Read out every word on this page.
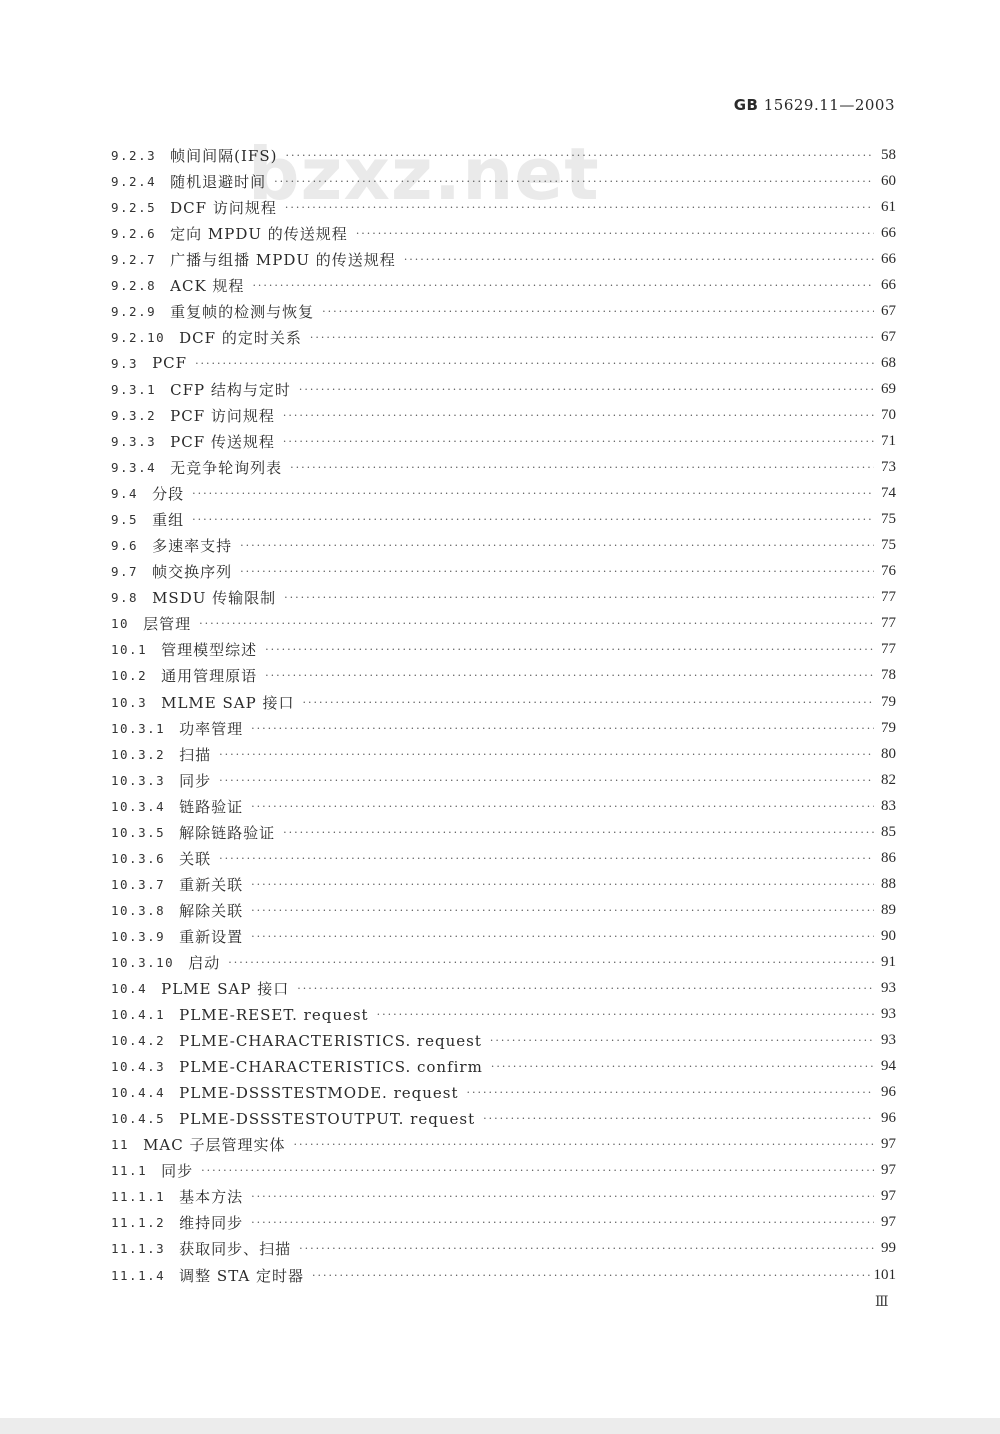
GB 15629.11—2003
bzxz.net
9.2.3 帧间间隔(IFS) ·····	58
9.2.4 随机退避时间 ·····	60
9.2.5 DCF 访问规程 ·····	61
9.2.6 定向 MPDU 的传送规程 ·····	66
9.2.7 广播与组播 MPDU 的传送规程 ·····	66
9.2.8 ACK 规程 ·····	66
9.2.9 重复帧的检测与恢复 ·····	67
9.2.10 DCF 的定时关系 ·····	67
9.3 PCF ·····	68
9.3.1 CFP 结构与定时 ·····	69
9.3.2 PCF 访问规程 ·····	70
9.3.3 PCF 传送规程 ·····	71
9.3.4 无竞争轮询列表 ·····	73
9.4 分段 ·····	74
9.5 重组 ·····	75
9.6 多速率支持 ·····	75
9.7 帧交换序列 ·····	76
9.8 MSDU 传输限制 ·····	77
10 层管理 ·····	77
10.1 管理模型综述 ·····	77
10.2 通用管理原语 ·····	78
10.3 MLME SAP 接口 ·····	79
10.3.1 功率管理 ·····	79
10.3.2 扫描 ·····	80
10.3.3 同步 ·····	82
10.3.4 链路验证 ·····	83
10.3.5 解除链路验证 ·····	85
10.3.6 关联 ·····	86
10.3.7 重新关联 ·····	88
10.3.8 解除关联 ·····	89
10.3.9 重新设置 ·····	90
10.3.10 启动 ·····	91
10.4 PLME SAP 接口 ·····	93
10.4.1 PLME-RESET. request ·····	93
10.4.2 PLME-CHARACTERISTICS. request ·····	93
10.4.3 PLME-CHARACTERISTICS. confirm ·····	94
10.4.4 PLME-DSSSTESTMODE. request ·····	96
10.4.5 PLME-DSSSTESTOUTPUT. request ·····	96
11 MAC 子层管理实体 ·····	97
11.1 同步 ·····	97
11.1.1 基本方法 ·····	97
11.1.2 维持同步 ·····	97
11.1.3 获取同步、扫描 ·····	99
11.1.4 调整 STA 定时器 ·····	101
Ⅲ
